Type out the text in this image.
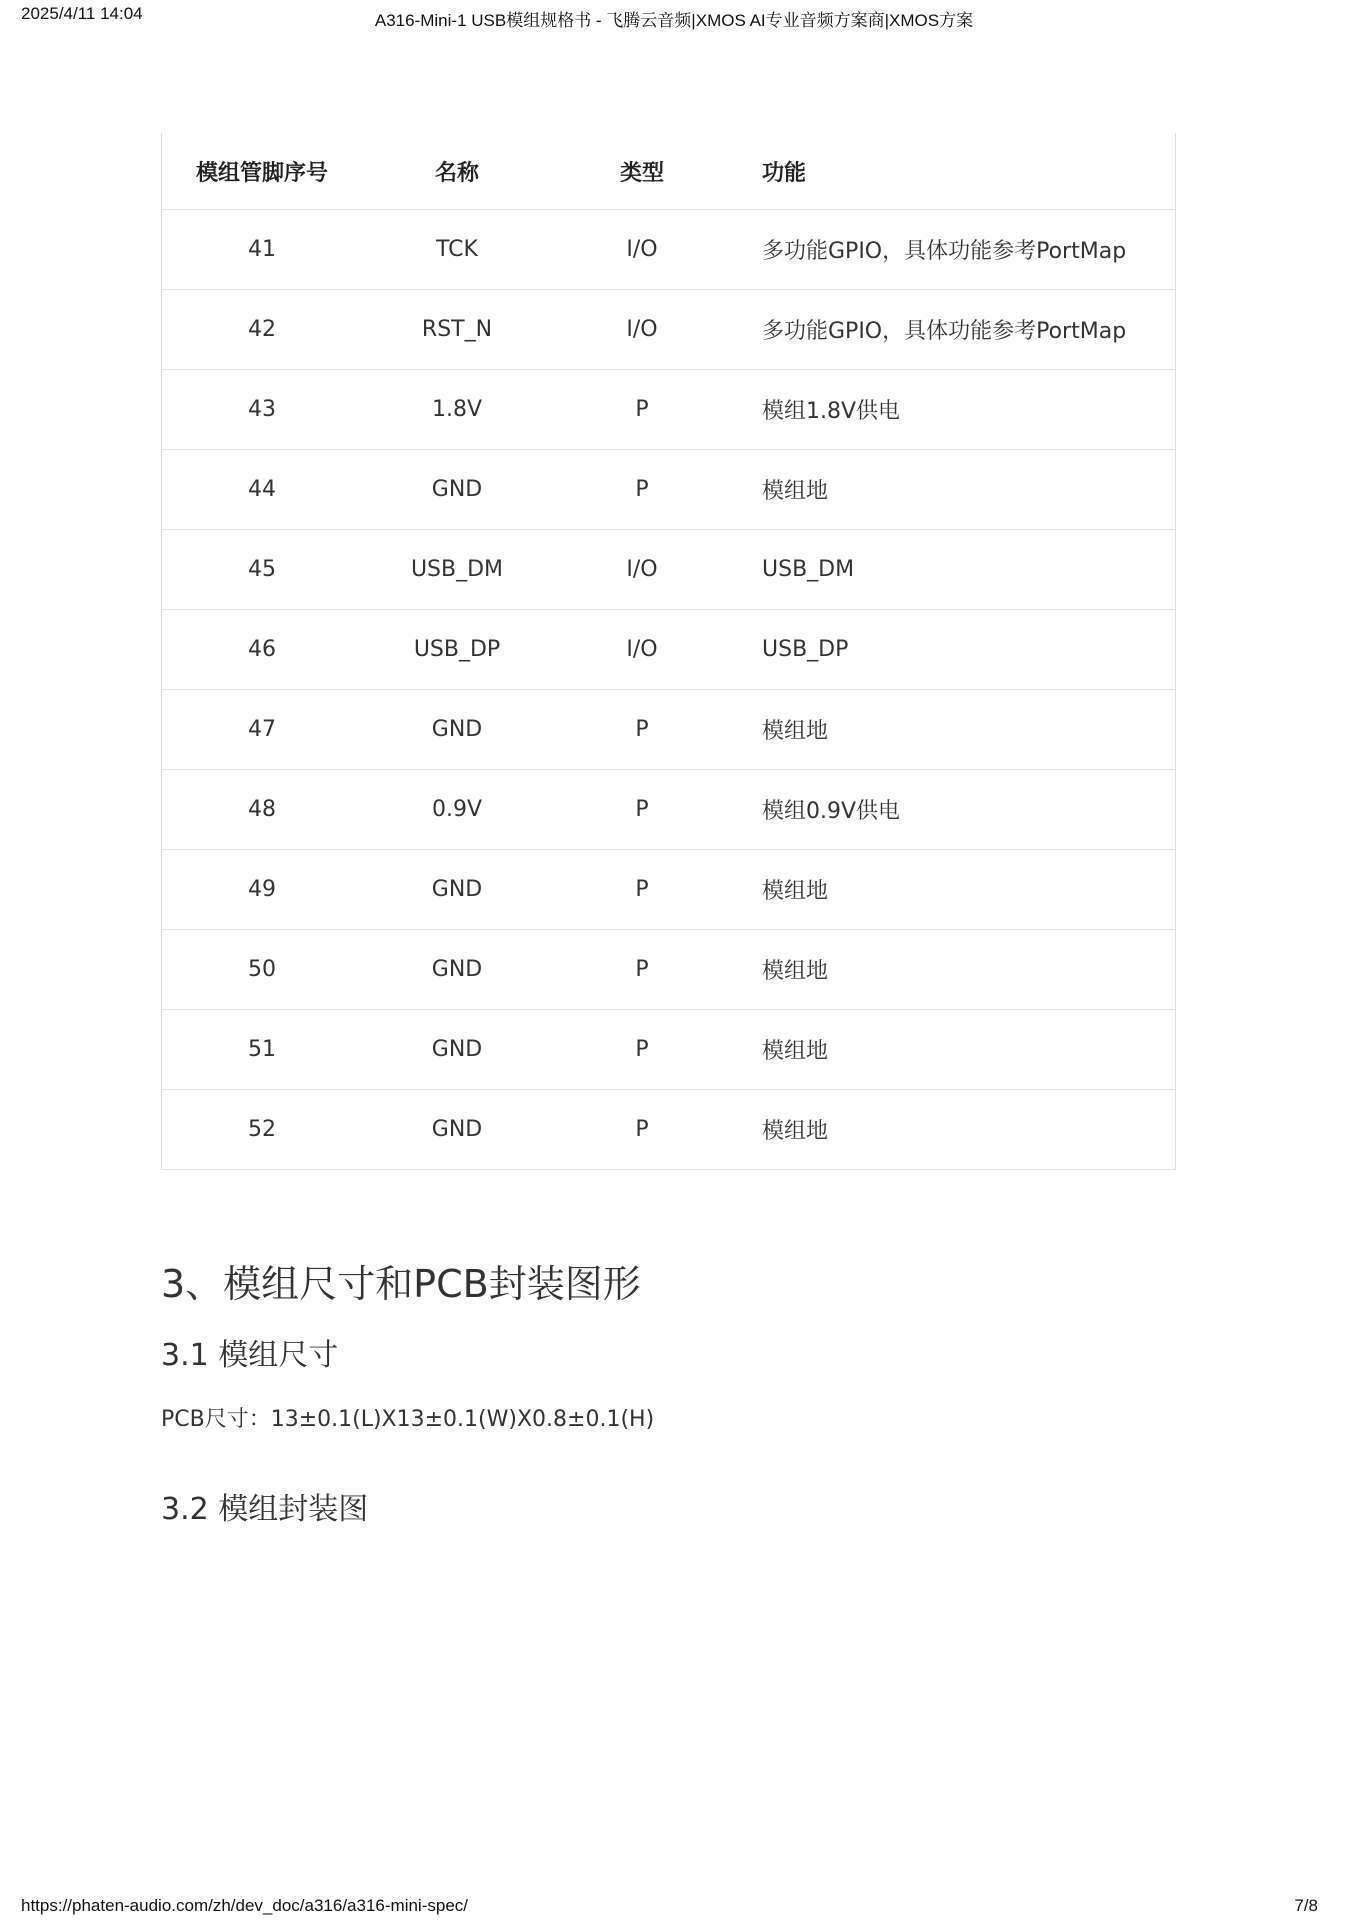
2025/4/11 14:04	A316-Mini-1 USB模组规格书 - 飞腾云音频|XMOS AI专业音频方案商|XMOS方案
模组管脚序号	名称	类型	功能
41	TCK	I/O	多功能GPIO，具体功能参考PortMap
42	RST_N	I/O	多功能GPIO，具体功能参考PortMap
43	1.8V	P	模组1.8V供电
44	GND	P	模组地
45	USB_DM	I/O	USB_DM
46	USB_DP	I/O	USB_DP
47	GND	P	模组地
48	0.9V	P	模组0.9V供电
49	GND	P	模组地
50	GND	P	模组地
51	GND	P	模组地
52	GND	P	模组地
3、模组尺寸和PCB封装图形
3.1 模组尺寸

PCB尺寸：13±0.1(L)X13±0.1(W)X0.8±0.1(H)

3.2 模组封装图
https://phaten-audio.com/zh/dev_doc/a316/a316-mini-spec/	7/8
